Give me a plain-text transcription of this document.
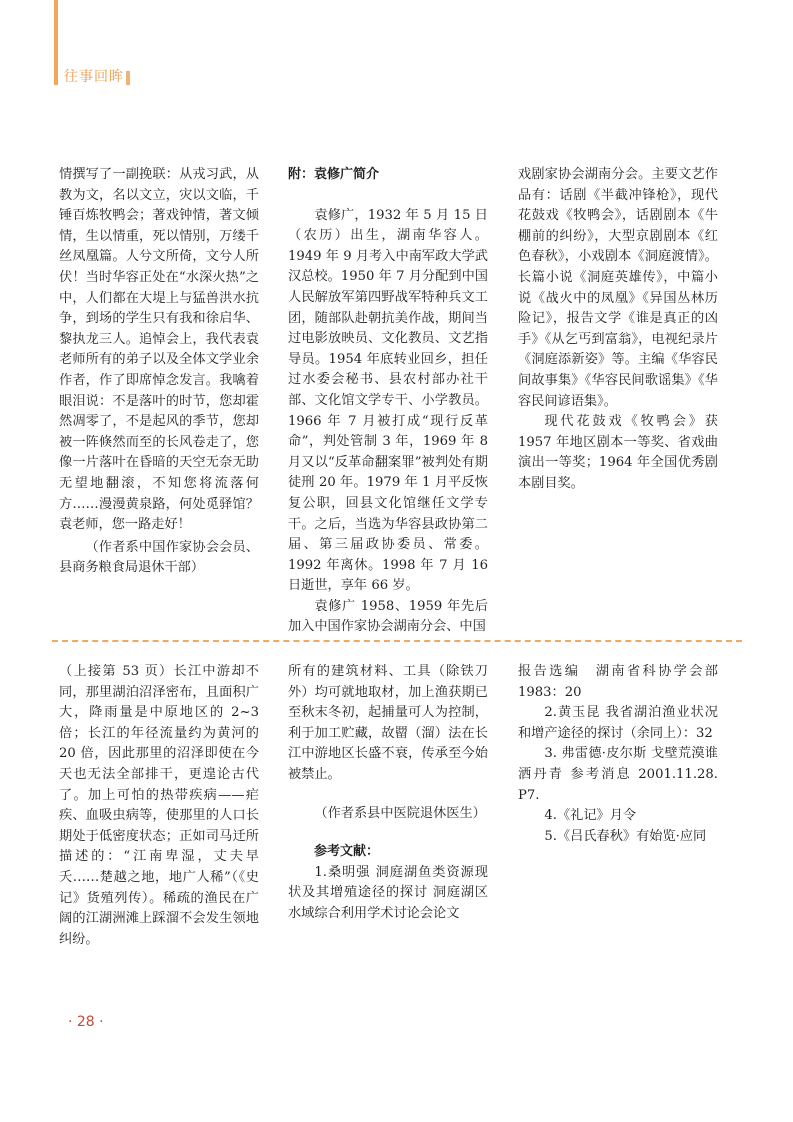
往事回眸

情撰写了一副挽联：从戎习武，从教为文，名以文立，灾以文临，千锤百炼牧鸭会；著戏钟情，著文倾情，生以情重，死以情别，万缕千丝凤凰篇。人兮文所倚，文兮人所伏！当时华容正处在“水深火热”之中，人们都在大堤上与猛兽洪水抗争，到场的学生只有我和徐启华、黎执龙三人。追悼会上，我代表袁老师所有的弟子以及全体文学业余作者，作了即席悼念发言。我噙着眼泪说：不是落叶的时节，您却霍然凋零了，不是起风的季节，您却被一阵倏然而至的长风卷走了，您像一片落叶在昏暗的天空无奈无助无望地翻滚，不知您将流落何方……漫漫黄泉路，何处觅驿馆？袁老师，您一路走好！

（作者系中国作家协会会员、县商务粮食局退休干部）

附：袁修广简介

袁修广，1932 年 5 月 15 日（农历）出生，湖南华容人。1949 年 9 月考入中南军政大学武汉总校。1950 年 7 月分配到中国人民解放军第四野战军特种兵文工团，随部队赴朝抗美作战，期间当过电影放映员、文化教员、文艺指导员。1954 年底转业回乡，担任过水委会秘书、县农村部办社干部、文化馆文学专干、小学教员。1966 年 7 月被打成“现行反革命”，判处管制 3 年，1969 年 8 月又以“反革命翻案罪”被判处有期徒刑 20 年。1979 年 1 月平反恢复公职，回县文化馆继任文学专干。之后，当选为华容县政协第二届、第三届政协委员、常委。1992 年离休。1998 年 7 月 16 日逝世，享年 66 岁。

袁修广 1958、1959 年先后加入中国作家协会湖南分会、中国

戏剧家协会湖南分会。主要文艺作品有：话剧《半截冲锋枪》，现代花鼓戏《牧鸭会》，话剧剧本《牛棚前的纠纷》，大型京剧剧本《红色春秋》，小戏剧本《洞庭渡情》。长篇小说《洞庭英雄传》，中篇小说《战火中的凤凰》《异国丛林历险记》，报告文学《谁是真正的凶手》《从乞丐到富翁》，电视纪录片《洞庭添新姿》等。主编《华容民间故事集》《华容民间歌谣集》《华容民间谚语集》。

现代花鼓戏《牧鸭会》获 1957 年地区剧本一等奖、省戏曲演出一等奖；1964 年全国优秀剧本剧目奖。

（上接第 53 页）长江中游却不同，那里湖泊沼泽密布，且面积广大，降雨量是中原地区的 2~3 倍；长江的年径流量约为黄河的 20 倍，因此那里的沼泽即使在今天也无法全部排干，更遑论古代了。加上可怕的热带疾病——疟疾、血吸虫病等，使那里的人口长期处于低密度状态；正如司马迁所描述的：“江南卑湿，丈夫早夭……楚越之地，地广人稀”（《史记》货殖列传）。稀疏的渔民在广阔的江湖洲滩上踩溜不会发生领地纠纷。

所有的建筑材料、工具（除铁刀外）均可就地取材，加上渔获期已至秋末冬初，起捕量可人为控制，利于加工贮藏，故罶（溜）法在长江中游地区长盛不衰，传承至今始被禁止。

（作者系县中医院退休医生）

参考文献：

1.桑明强 洞庭湖鱼类资源现状及其增殖途径的探讨 洞庭湖区水域综合利用学术讨论会论文

报告选编　湖南省科协学会部 1983：20

2.黄玉昆 我省湖泊渔业状况和增产途径的探讨（余同上）：32

3. 弗雷德·皮尔斯 戈壁荒漠谁洒丹青 参考消息 2001.11.28. P7.

4.《礼记》月令

5.《吕氏春秋》有始览·应同

· 28 ·
